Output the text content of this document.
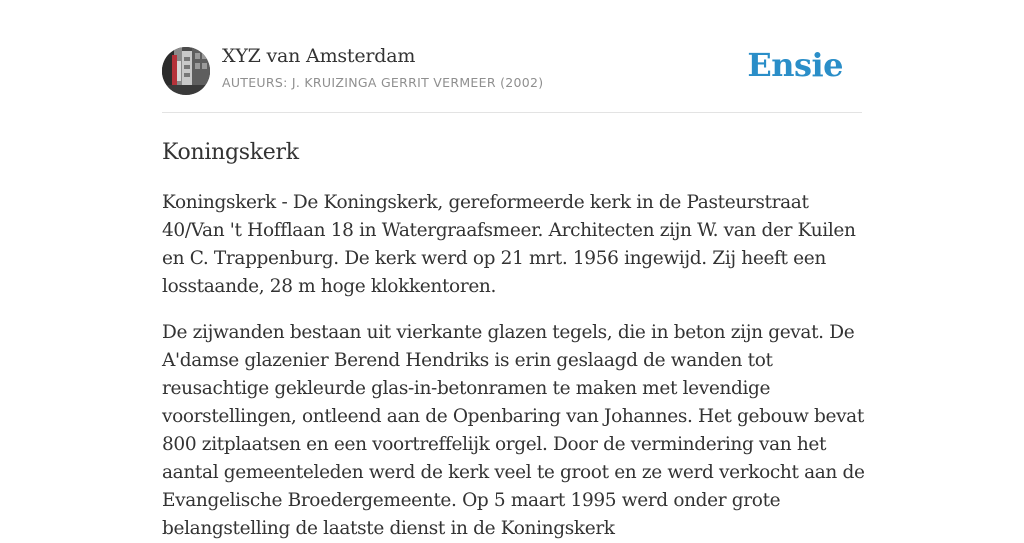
XYZ van Amsterdam
AUTEURS: J. KRUIZINGA GERRIT VERMEER (2002)	Ensie
Koningskerk

Koningskerk - De Koningskerk, gereformeerde kerk in de Pasteurstraat 40/Van 't Hofflaan 18 in Watergraafsmeer. Architecten zijn W. van der Kuilen en C. Trappenburg. De kerk werd op 21 mrt. 1956 ingewijd. Zij heeft een losstaande, 28 m hoge klokkentoren.

De zijwanden bestaan uit vierkante glazen tegels, die in beton zijn gevat. De A'damse glazenier Berend Hendriks is erin geslaagd de wanden tot reusachtige gekleurde glas-in-betonramen te maken met levendige voorstellingen, ontleend aan de Openbaring van Johannes. Het gebouw bevat 800 zitplaatsen en een voortreffelijk orgel. Door de vermindering van het aantal gemeenteleden werd de kerk veel te groot en ze werd verkocht aan de Evangelische Broedergemeente. Op 5 maart 1995 werd onder grote belangstelling de laatste dienst in de Koningskerk
